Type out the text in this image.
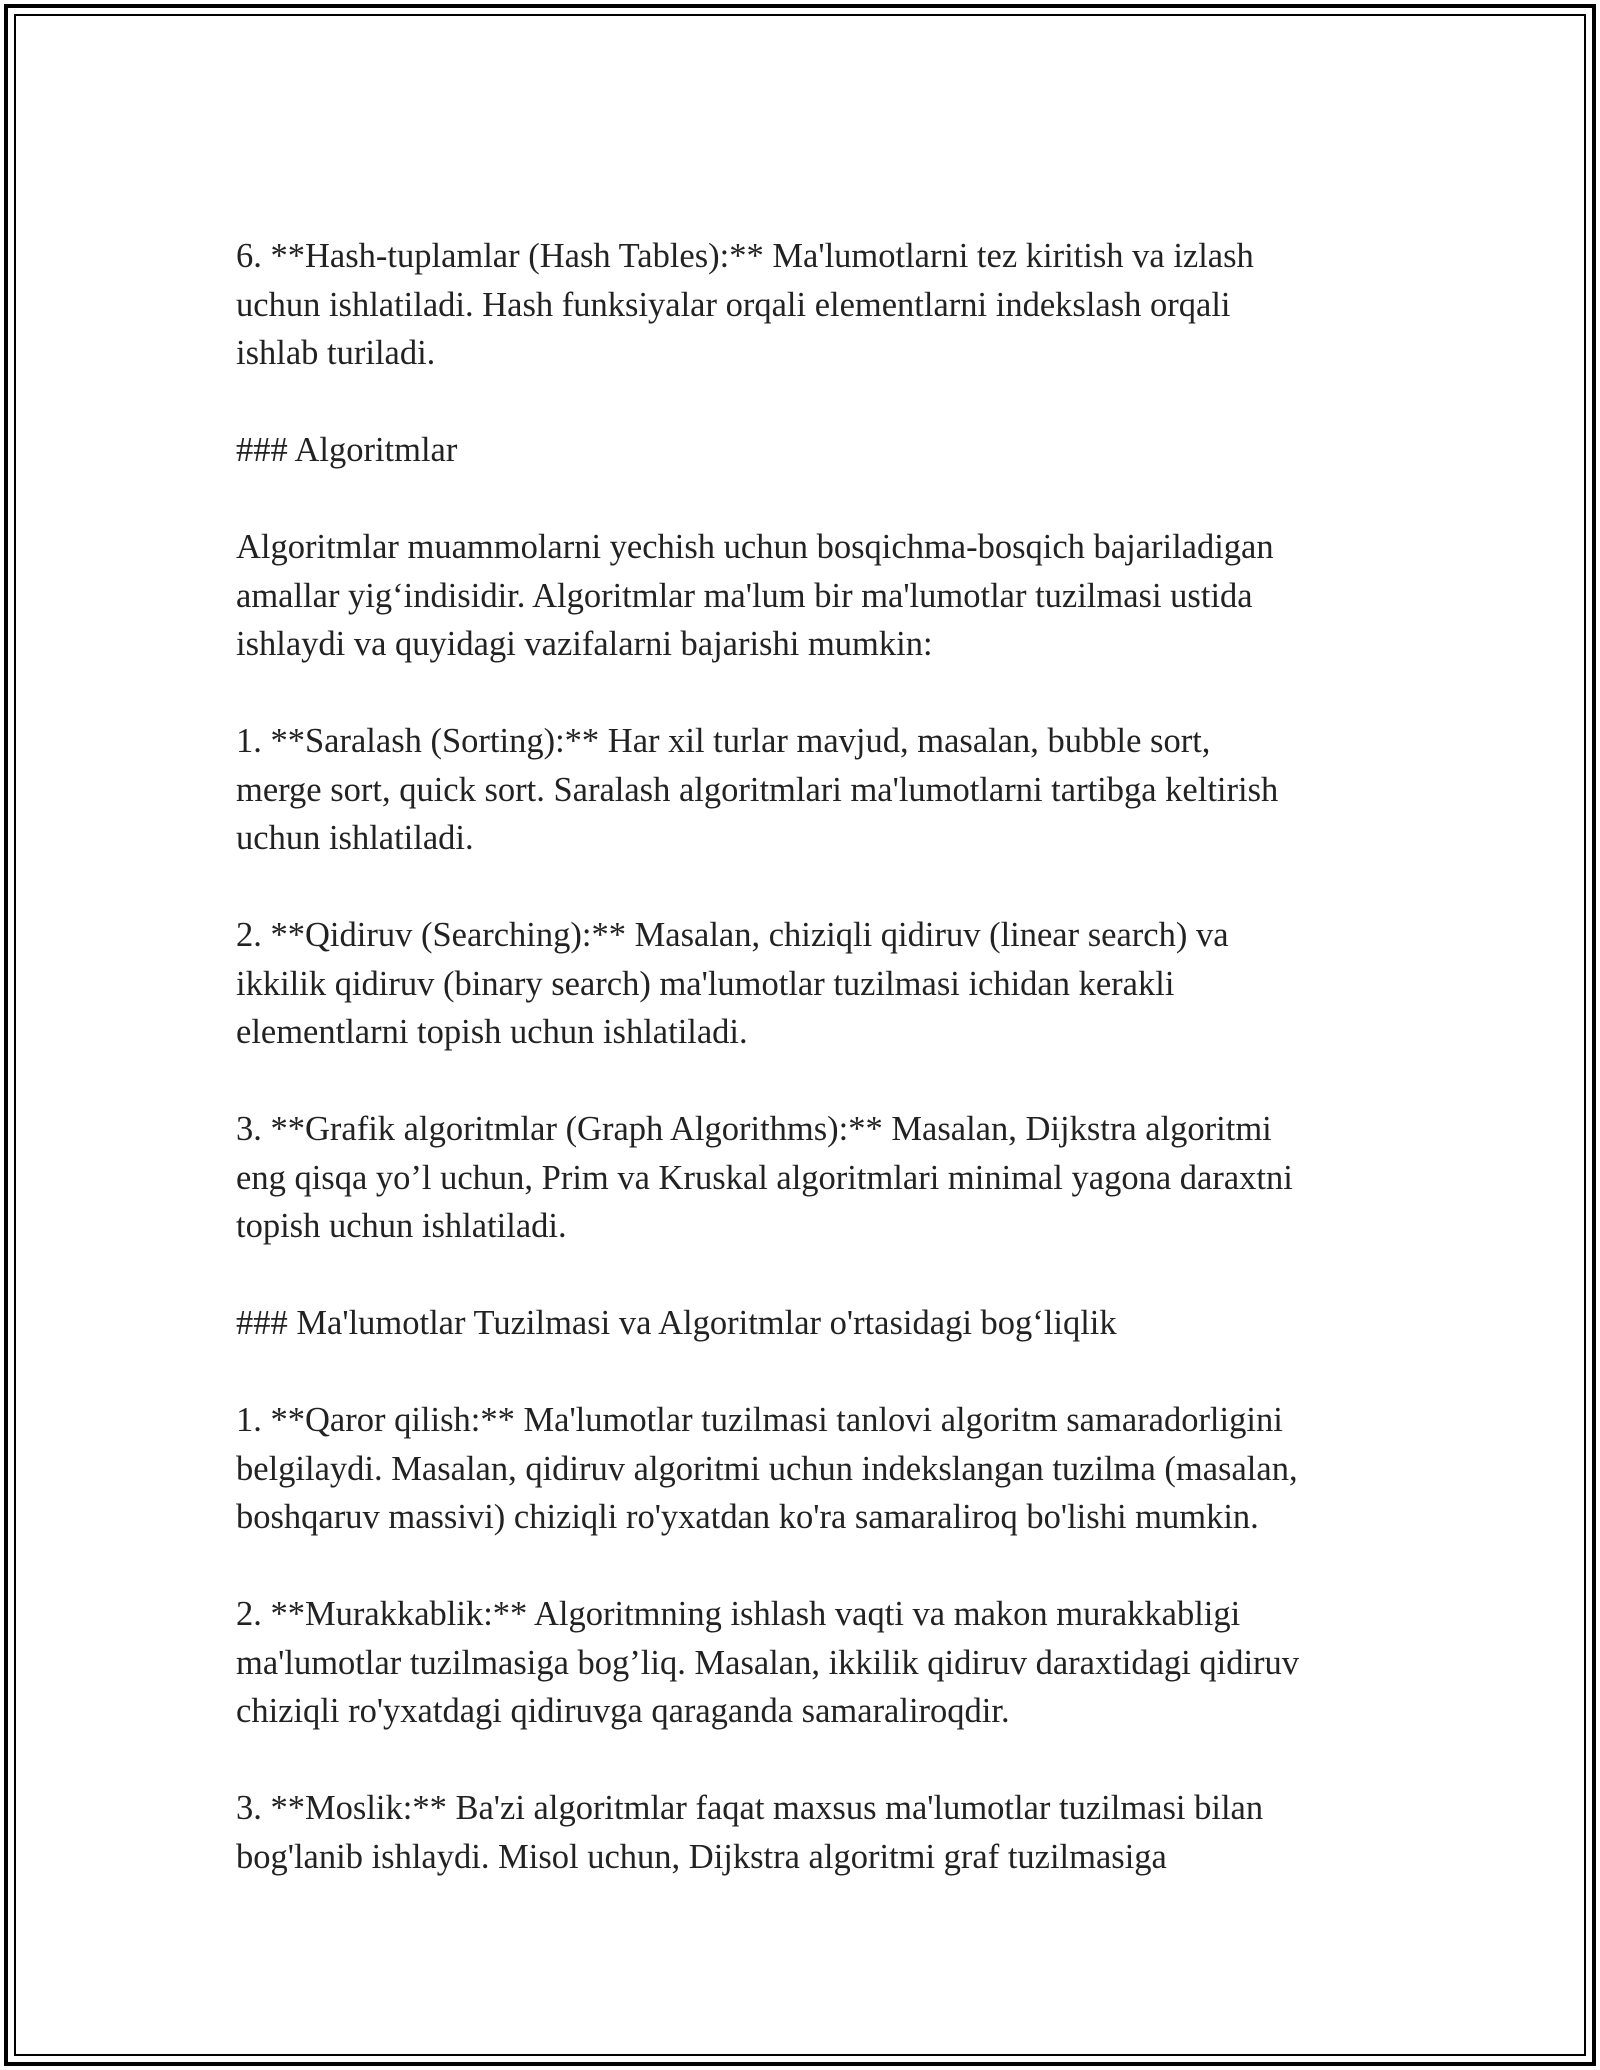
6. **Hash-tuplamlar (Hash Tables):** Ma'lumotlarni tez kiritish va izlash
uchun ishlatiladi. Hash funksiyalar orqali elementlarni indekslash orqali
ishlab turiladi.

### Algoritmlar

Algoritmlar muammolarni yechish uchun bosqichma-bosqich bajariladigan
amallar yig‘indisidir. Algoritmlar ma'lum bir ma'lumotlar tuzilmasi ustida
ishlaydi va quyidagi vazifalarni bajarishi mumkin:

1. **Saralash (Sorting):** Har xil turlar mavjud, masalan, bubble sort,
merge sort, quick sort. Saralash algoritmlari ma'lumotlarni tartibga keltirish
uchun ishlatiladi.

2. **Qidiruv (Searching):** Masalan, chiziqli qidiruv (linear search) va
ikkilik qidiruv (binary search) ma'lumotlar tuzilmasi ichidan kerakli
elementlarni topish uchun ishlatiladi.

3. **Grafik algoritmlar (Graph Algorithms):** Masalan, Dijkstra algoritmi
eng qisqa yo’l uchun, Prim va Kruskal algoritmlari minimal yagona daraxtni
topish uchun ishlatiladi.

### Ma'lumotlar Tuzilmasi va Algoritmlar o'rtasidagi bog‘liqlik

1. **Qaror qilish:** Ma'lumotlar tuzilmasi tanlovi algoritm samaradorligini
belgilaydi. Masalan, qidiruv algoritmi uchun indekslangan tuzilma (masalan,
boshqaruv massivi) chiziqli ro'yxatdan ko'ra samaraliroq bo'lishi mumkin.

2. **Murakkablik:** Algoritmning ishlash vaqti va makon murakkabligi
ma'lumotlar tuzilmasiga bog’liq. Masalan, ikkilik qidiruv daraxtidagi qidiruv
chiziqli ro'yxatdagi qidiruvga qaraganda samaraliroqdir.

3. **Moslik:** Ba'zi algoritmlar faqat maxsus ma'lumotlar tuzilmasi bilan
bog'lanib ishlaydi. Misol uchun, Dijkstra algoritmi graf tuzilmasiga
